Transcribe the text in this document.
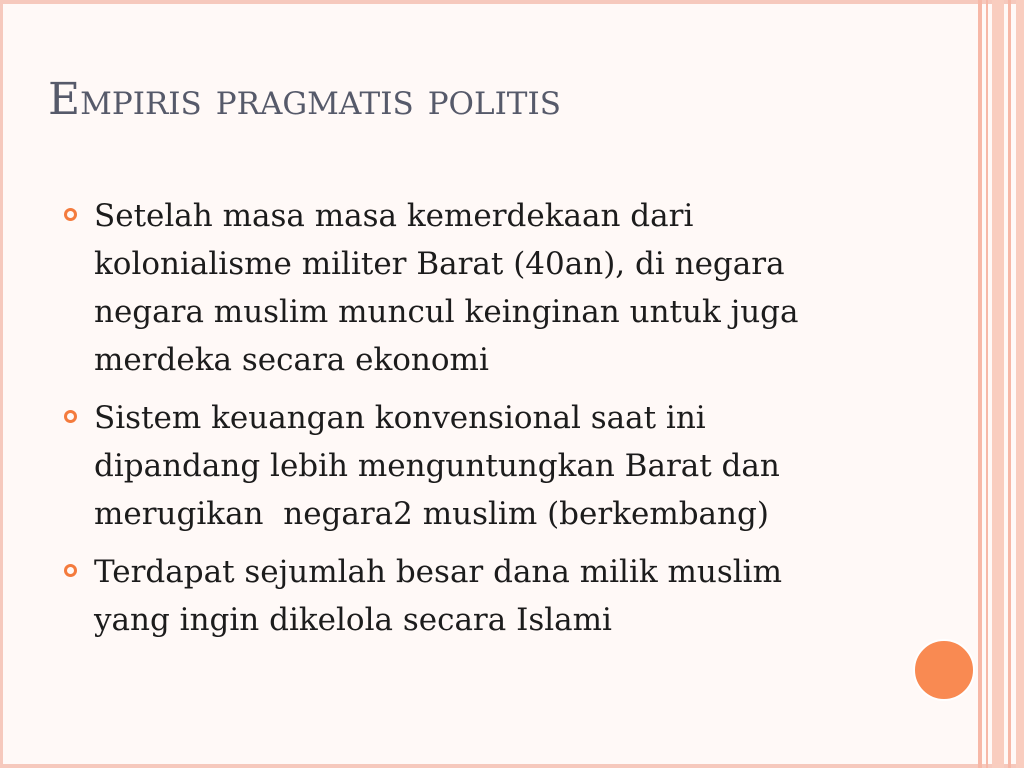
Empiris pragmatis politis
Setelah masa masa kemerdekaan dari
kolonialisme militer Barat (40an), di negara
negara muslim muncul keinginan untuk juga
merdeka secara ekonomi
Sistem keuangan konvensional saat ini
dipandang lebih menguntungkan Barat dan
merugikan  negara2 muslim (berkembang)
Terdapat sejumlah besar dana milik muslim
yang ingin dikelola secara Islami
